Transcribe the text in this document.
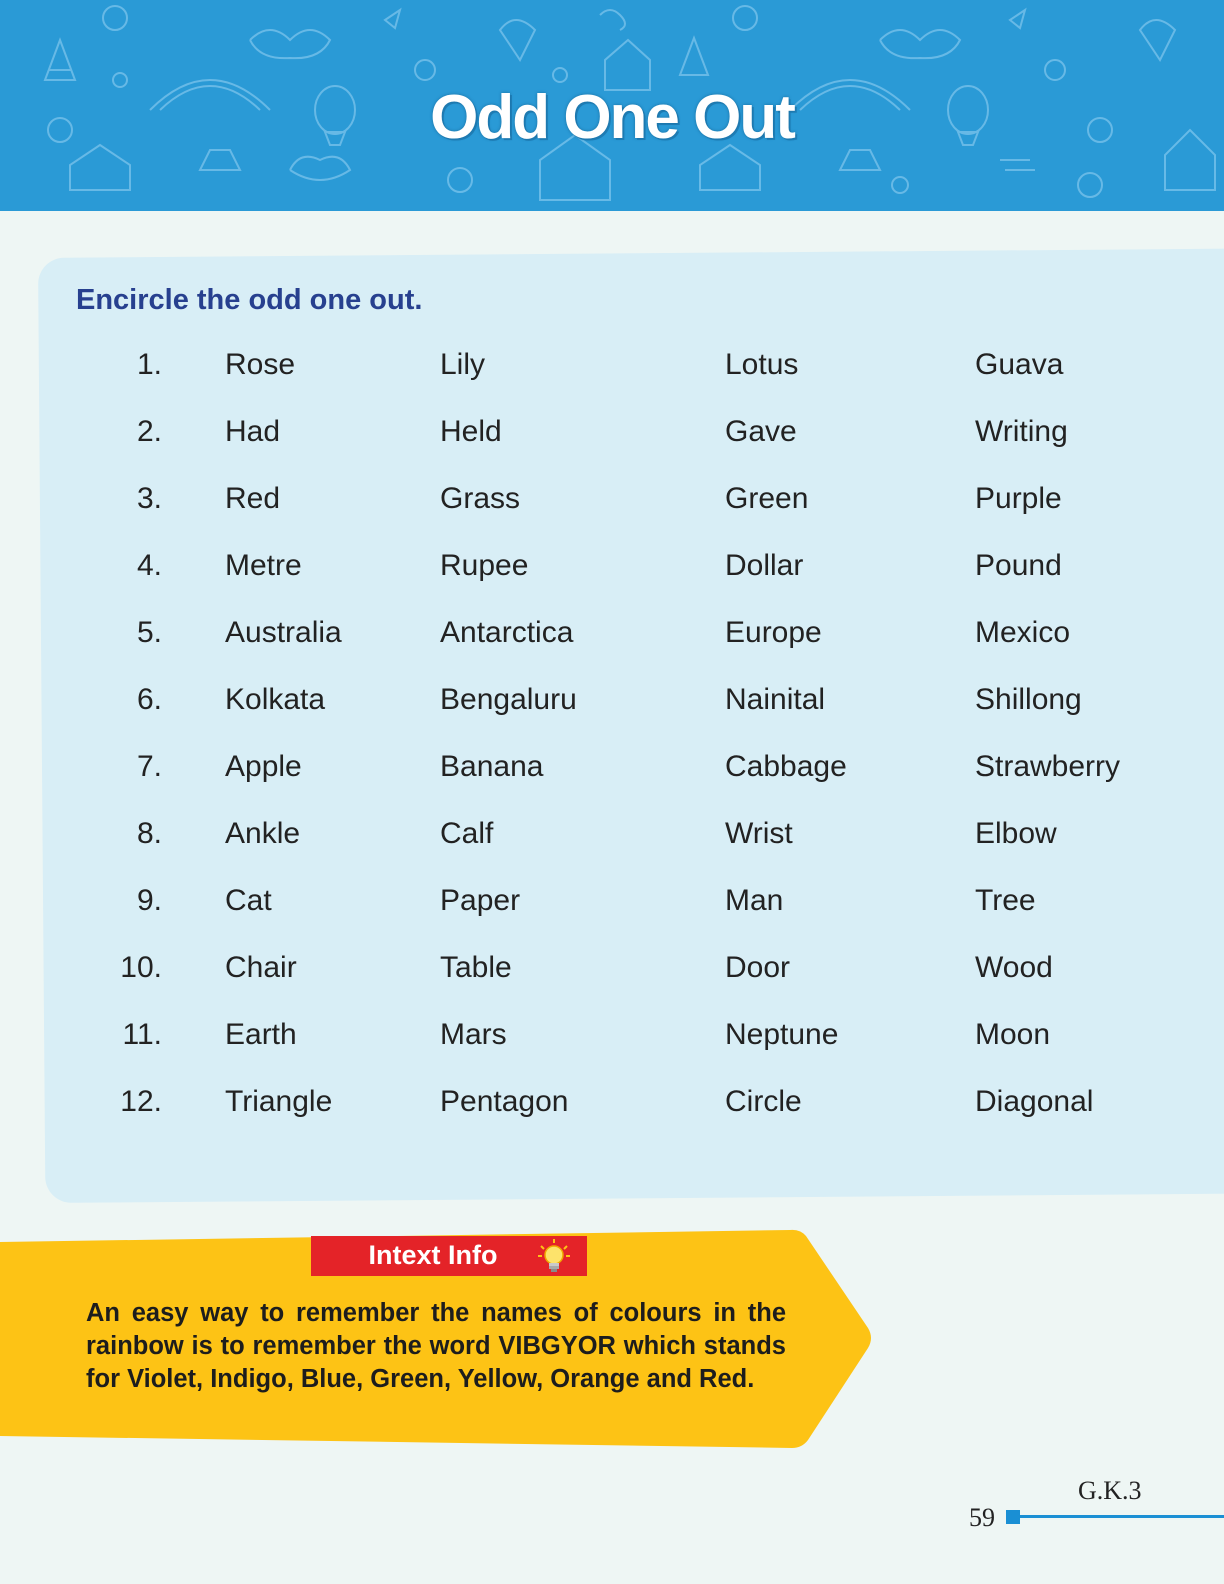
Odd One Out
Encircle the odd one out.
1. Rose	Lily	Lotus	Guava
2. Had	Held	Gave	Writing
3. Red	Grass	Green	Purple
4. Metre	Rupee	Dollar	Pound
5. Australia	Antarctica	Europe	Mexico
6. Kolkata	Bengaluru	Nainital	Shillong
7. Apple	Banana	Cabbage	Strawberry
8. Ankle	Calf	Wrist	Elbow
9. Cat	Paper	Man	Tree
10. Chair	Table	Door	Wood
11. Earth	Mars	Neptune	Moon
12. Triangle	Pentagon	Circle	Diagonal
Intext Info
An easy way to remember the names of colours in the rainbow is to remember the word VIBGYOR which stands for Violet, Indigo, Blue, Green, Yellow, Orange and Red.
G.K.3
59
